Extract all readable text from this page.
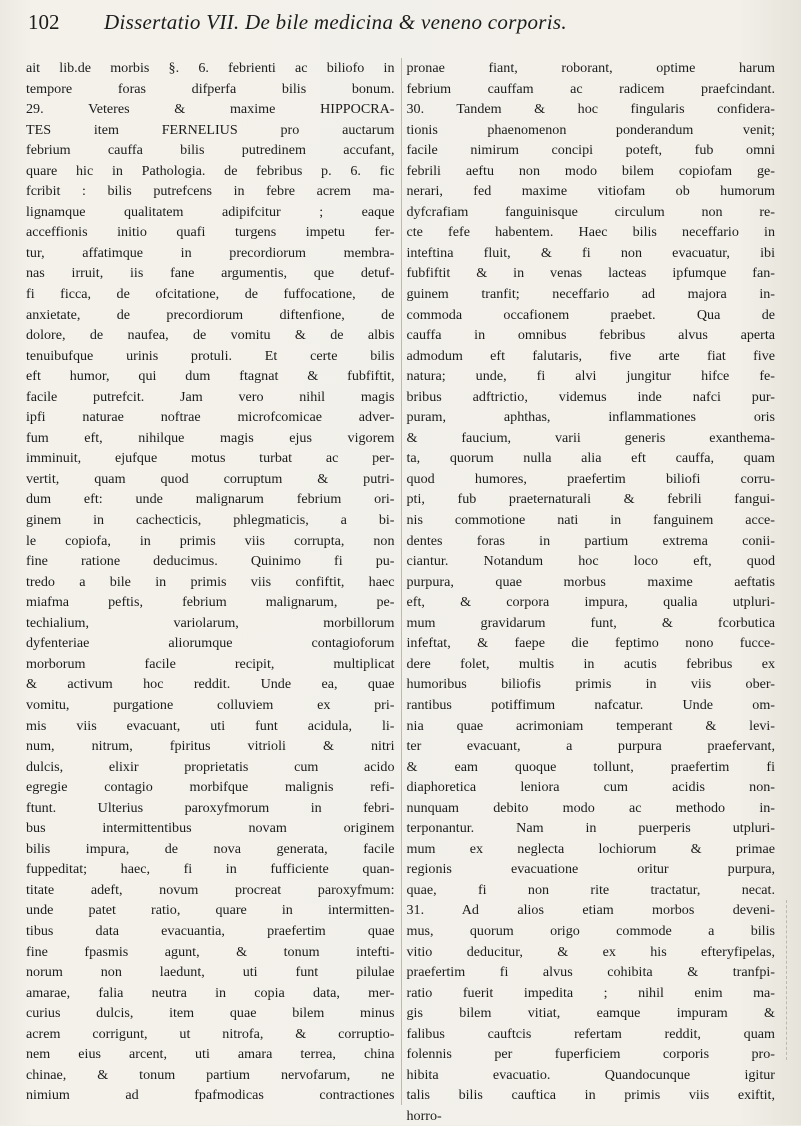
102	Dissertatio VII. De bile medicina & veneno corporis.
ait lib.de morbis §. 6. febrienti ac biliofo in
tempore foras difperfa bilis bonum.
29. Veteres & maxime HIPPOCRA-
TES item FERNELIUS pro auctarum
febrium cauffa bilis putredinem accufant,
quare hic in Pathologia. de febribus p. 6. fic
fcribit : bilis putrefcens in febre acrem ma-
lignamque qualitatem adipifcitur ; eaque
acceffionis initio quafi turgens impetu fer-
tur, affatimque in precordiorum membra-
nas irruit, iis fane argumentis, que detuf-
fi ficca, de ofcitatione, de fuffocatione, de
anxietate, de precordiorum diftenfione, de
dolore, de naufea, de vomitu & de albis
tenuibufque urinis protuli. Et certe bilis
eft humor, qui dum ftagnat & fubfiftit,
facile putrefcit. Jam vero nihil magis
ipfi naturae noftrae microfcomicae adver-
fum eft, nihilque magis ejus vigorem
imminuit, ejufque motus turbat ac per-
vertit, quam quod corruptum & putri-
dum eft: unde malignarum febrium ori-
ginem in cachecticis, phlegmaticis, a bi-
le copiofa, in primis viis corrupta, non
fine ratione deducimus. Quinimo fi pu-
tredo a bile in primis viis confiftit, haec
miafma peftis, febrium malignarum, pe-
techialium, variolarum, morbillorum
dyfenteriae aliorumque contagioforum
morborum facile recipit, multiplicat
& activum hoc reddit. Unde ea, quae
vomitu, purgatione colluviem ex pri-
mis viis evacuant, uti funt acidula, li-
num, nitrum, fpiritus vitrioli & nitri
dulcis, elixir proprietatis cum acido
egregie contagio morbifque malignis refi-
ftunt. Ulterius paroxyfmorum in febri-
bus intermittentibus novam originem
bilis impura, de nova generata, facile
fuppeditat; haec, fi in fufficiente quan-
titate adeft, novum procreat paroxyfmum:
unde patet ratio, quare in intermitten-
tibus data evacuantia, praefertim quae
fine fpasmis agunt, & tonum intefti-
norum non laedunt, uti funt pilulae
amarae, falia neutra in copia data, mer-
curius dulcis, item quae bilem minus
acrem corrigunt, ut nitrofa, & corruptio-
nem eius arcent, uti amara terrea, china
chinae, & tonum partium nervofarum, ne
nimium ad fpafmodicas contractiones
pronae fiant, roborant, optime harum
febrium cauffam ac radicem praefcindant.
30. Tandem & hoc fingularis confidera-
tionis phaenomenon ponderandum venit;
facile nimirum concipi poteft, fub omni
febrili aeftu non modo bilem copiofam ge-
nerari, fed maxime vitiofam ob humorum
dyfcrafiam fanguinisque circulum non re-
cte fefe habentem. Haec bilis neceffario in
inteftina fluit, & fi non evacuatur, ibi
fubfiftit & in venas lacteas ipfumque fan-
guinem tranfit; neceffario ad majora in-
commoda occafionem praebet. Qua de
cauffa in omnibus febribus alvus aperta
admodum eft falutaris, five arte fiat five
natura; unde, fi alvi jungitur hifce fe-
bribus adftrictio, videmus inde nafci pur-
puram, aphthas, inflammationes oris
& faucium, varii generis exanthema-
ta, quorum nulla alia eft cauffa, quam
quod humores, praefertim biliofi corru-
pti, fub praeternaturali & febrili fangui-
nis commotione nati in fanguinem acce-
dentes foras in partium extrema conii-
ciantur. Notandum hoc loco eft, quod
purpura, quae morbus maxime aeftatis
eft, & corpora impura, qualia utpluri-
mum gravidarum funt, & fcorbutica
infeftat, & faepe die feptimo nono fucce-
dere folet, multis in acutis febribus ex
humoribus biliofis primis in viis ober-
rantibus potiffimum nafcatur. Unde om-
nia quae acrimoniam temperant & levi-
ter evacuant, a purpura praefervant,
& eam quoque tollunt, praefertim fi
diaphoretica leniora cum acidis non-
nunquam debito modo ac methodo in-
terponantur. Nam in puerperis utpluri-
mum ex neglecta lochiorum & primae
regionis evacuatione oritur purpura,
quae, fi non rite tractatur, necat.
31. Ad alios etiam morbos deveni-
mus, quorum origo commode a bilis
vitio deducitur, & ex his efteryfipelas,
praefertim fi alvus cohibita & tranfpi-
ratio fuerit impedita ; nihil enim ma-
gis bilem vitiat, eamque impuram &
falibus cauftcis refertam reddit, quam
folennis per fuperficiem corporis pro-
hibita evacuatio. Quandocunque igitur
talis bilis cauftica in primis viis exiftit,
horro-
